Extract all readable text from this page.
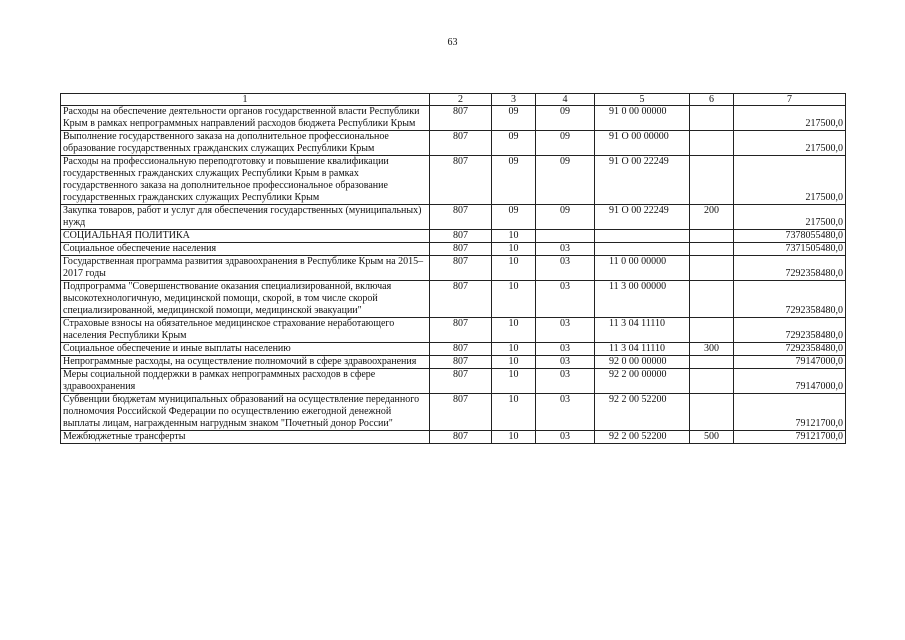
63
1	2	3	4	5	6	7
Расходы на обеспечение деятельности органов государственной власти Республики Крым в рамках непрограммных направлений расходов бюджета Республики Крым	807	09	09	91 0 00 00000		217500,0
Выполнение государственного заказа на дополнительное профессиональное образование государственных гражданских служащих Республики Крым	807	09	09	91 О 00 00000		217500,0
Расходы на профессиональную переподготовку и повышение квалификации государственных гражданских служащих Республики Крым в рамках государственного заказа на дополнительное профессиональное образование государственных гражданских служащих Республики Крым	807	09	09	91 О 00 22249		217500,0
Закупка товаров, работ и услуг для обеспечения государственных (муниципальных) нужд	807	09	09	91 О 00 22249	200	217500,0
СОЦИАЛЬНАЯ ПОЛИТИКА	807	10				7378055480,0
Социальное обеспечение населения	807	10	03			7371505480,0
Государственная программа развития здравоохранения в Республике Крым на 2015–2017 годы	807	10	03	11 0 00 00000		7292358480,0
Подпрограмма "Совершенствование оказания специализированной, включая высокотехнологичную, медицинской помощи, скорой, в том числе скорой специализированной, медицинской помощи, медицинской эвакуации"	807	10	03	11 3 00 00000		7292358480,0
Страховые взносы на обязательное медицинское страхование неработающего населения Республики Крым	807	10	03	11 3 04 11110		7292358480,0
Социальное обеспечение и иные выплаты населению	807	10	03	11 3 04 11110	300	7292358480,0
Непрограммные расходы, на осуществление полномочий в сфере здравоохранения	807	10	03	92 0 00 00000		79147000,0
Меры социальной поддержки в рамках непрограммных расходов в сфере здравоохранения	807	10	03	92 2 00 00000		79147000,0
Субвенции бюджетам муниципальных образований на осуществление переданного полномочия Российской Федерации по осуществлению ежегодной денежной выплаты лицам, награжденным нагрудным знаком "Почетный донор России"	807	10	03	92 2 00 52200		79121700,0
Межбюджетные трансферты	807	10	03	92 2 00 52200	500	79121700,0
